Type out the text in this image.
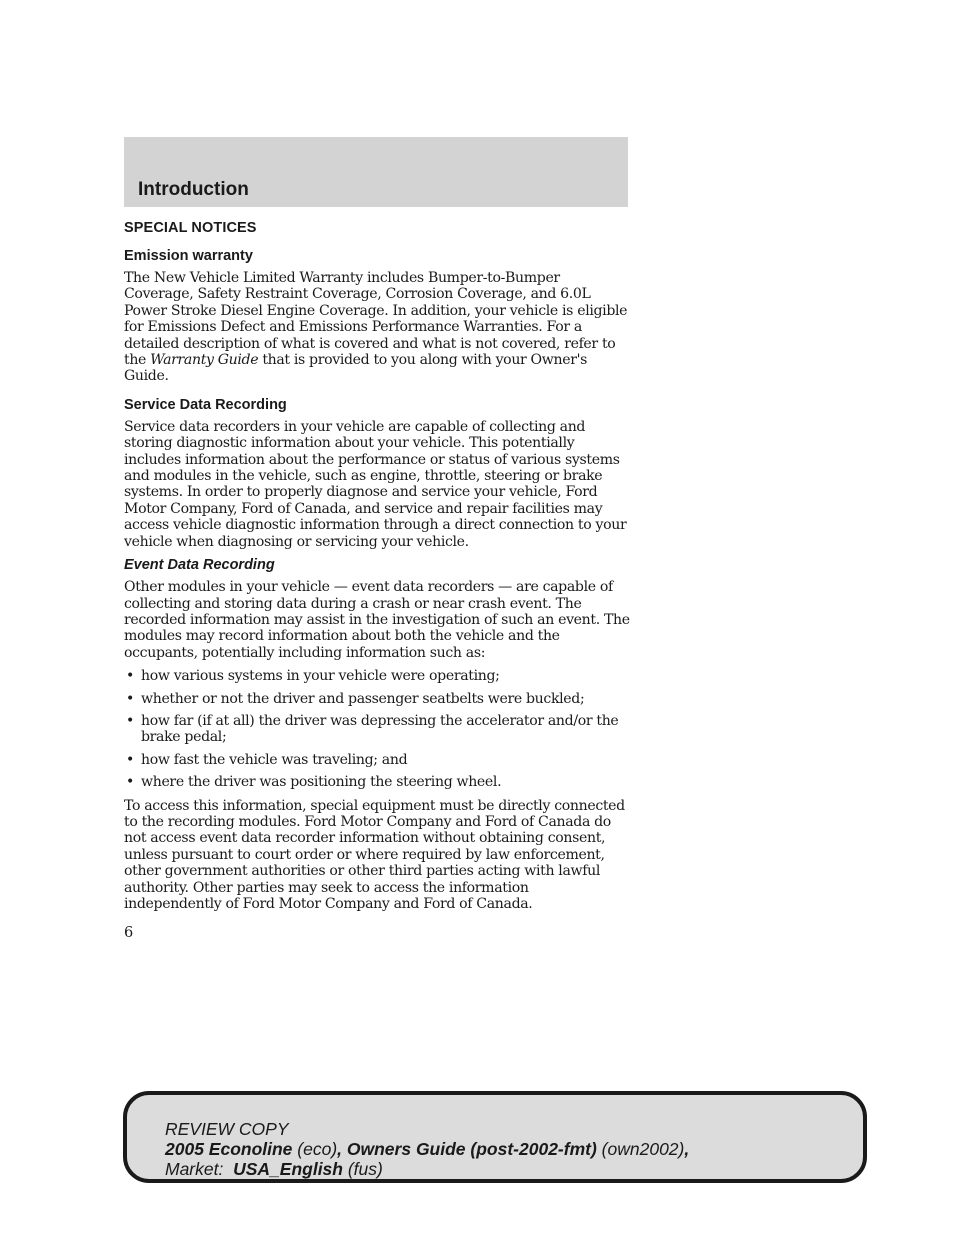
Introduction
SPECIAL NOTICES
Emission warranty

The New Vehicle Limited Warranty includes Bumper-to-Bumper Coverage, Safety Restraint Coverage, Corrosion Coverage, and 6.0L Power Stroke Diesel Engine Coverage. In addition, your vehicle is eligible for Emissions Defect and Emissions Performance Warranties. For a detailed description of what is covered and what is not covered, refer to the Warranty Guide that is provided to you along with your Owner's Guide.

Service Data Recording

Service data recorders in your vehicle are capable of collecting and storing diagnostic information about your vehicle. This potentially includes information about the performance or status of various systems and modules in the vehicle, such as engine, throttle, steering or brake systems. In order to properly diagnose and service your vehicle, Ford Motor Company, Ford of Canada, and service and repair facilities may access vehicle diagnostic information through a direct connection to your vehicle when diagnosing or servicing your vehicle.

Event Data Recording

Other modules in your vehicle — event data recorders — are capable of collecting and storing data during a crash or near crash event. The recorded information may assist in the investigation of such an event. The modules may record information about both the vehicle and the occupants, potentially including information such as:

• how various systems in your vehicle were operating;
• whether or not the driver and passenger seatbelts were buckled;
• how far (if at all) the driver was depressing the accelerator and/or the brake pedal;
• how fast the vehicle was traveling; and
• where the driver was positioning the steering wheel.

To access this information, special equipment must be directly connected to the recording modules. Ford Motor Company and Ford of Canada do not access event data recorder information without obtaining consent, unless pursuant to court order or where required by law enforcement, other government authorities or other third parties acting with lawful authority. Other parties may seek to access the information independently of Ford Motor Company and Ford of Canada.

6
REVIEW COPY
2005 Econoline (eco), Owners Guide (post-2002-fmt) (own2002),
Market: USA_English (fus)
